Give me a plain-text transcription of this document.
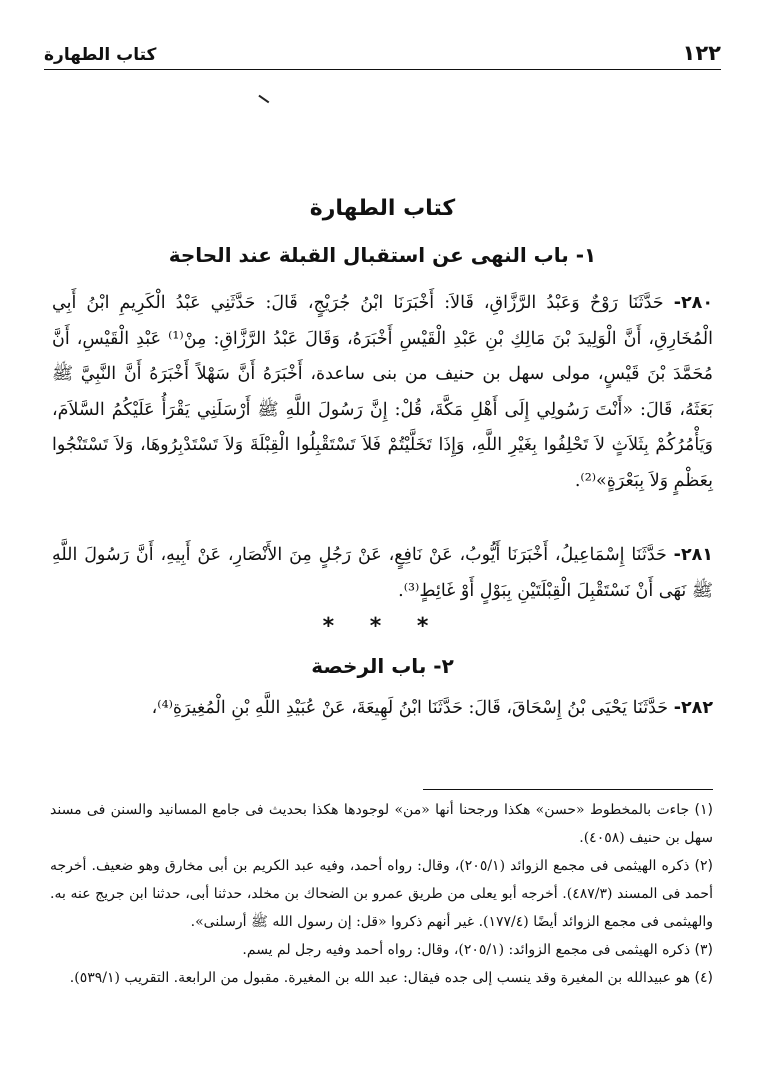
١٢٢
كتاب الطهارة
كتاب الطهارة
١- باب النهى عن استقبال القبلة عند الحاجة
٢٨٠- حَدَّثَنَا رَوْحٌ وَعَبْدُ الرَّزَّاقِ، قَالاَ: أَخْبَرَنَا ابْنُ جُرَيْجٍ، قَالَ: حَدَّثَنِي عَبْدُ الْكَرِيمِ ابْنُ أَبِي الْمُخَارِقِ، أَنَّ الْوَلِيدَ بْنَ مَالِكِ بْنِ عَبْدِ الْقَيْسِ أَخْبَرَهُ، وَقَالَ عَبْدُ الرَّزَّاقِ: مِنْ⁽¹⁾ عَبْدِ الْقَيْسِ، أَنَّ مُحَمَّدَ بْنَ قَيْسٍ، مولى سهل بن حنيف من بنى ساعدة، أَخْبَرَهُ أَنَّ سَهْلاً أَخْبَرَهُ أَنَّ النَّبِيَّ ﷺ بَعَثَهُ، قَالَ: «أَنْتَ رَسُولِي إِلَى أَهْلِ مَكَّةَ، قُلْ: إِنَّ رَسُولَ اللَّهِ ﷺ أَرْسَلَنِي يَقْرَأُ عَلَيْكُمُ السَّلاَمَ، وَيَأْمُرُكُمْ بِثَلاَثٍ لاَ تَحْلِفُوا بِغَيْرِ اللَّهِ، وَإِذَا تَخَلَّيْتُمْ فَلاَ تَسْتَقْبِلُوا الْقِبْلَةَ وَلاَ تَسْتَدْبِرُوهَا، وَلاَ تَسْتَنْجُوا بِعَظْمٍ وَلاَ بِبَعْرَةٍ»⁽²⁾.
٢٨١- حَدَّثَنَا إِسْمَاعِيلُ، أَخْبَرَنَا أَيُّوبُ، عَنْ نَافِعٍ، عَنْ رَجُلٍ مِنَ الأَنْصَارِ، عَنْ أَبِيهِ، أَنَّ رَسُولَ اللَّهِ ﷺ نَهَى أَنْ نَسْتَقْبِلَ الْقِبْلَتَيْنِ بِبَوْلٍ أَوْ غَائِطٍ⁽³⁾.
* * *
٢- باب الرخصة
٢٨٢- حَدَّثَنَا يَحْيَى بْنُ إِسْحَاقَ، قَالَ: حَدَّثَنَا ابْنُ لَهِيعَةَ، عَنْ عُبَيْدِ اللَّهِ بْنِ الْمُغِيرَةِ⁽⁴⁾،

(١) جاءت بالمخطوط «حسن» هكذا ورجحنا أنها «من» لوجودها هكذا بحديث فى جامع المسانيد والسنن فى مسند سهل بن حنيف (٤٠٥٨).

(٢) ذكره الهيثمى فى مجمع الزوائد (٢٠٥/١)، وقال: رواه أحمد، وفيه عبد الكريم بن أبى مخارق وهو ضعيف. أخرجه أحمد فى المسند (٤٨٧/٣). أخرجه أبو يعلى من طريق عمرو بن الضحاك بن مخلد، حدثنا أبى، حدثنا ابن جريج عنه به. والهيثمى فى مجمع الزوائد أيضًا (١٧٧/٤). غير أنهم ذكروا «قل: إن رسول الله ﷺ أرسلنى».

(٣) ذكره الهيثمى فى مجمع الزوائد: (٢٠٥/١)، وقال: رواه أحمد وفيه رجل لم يسم.

(٤) هو عبيدالله بن المغيرة وقد ينسب إلى جده فيقال: عبد الله بن المغيرة. مقبول من الرابعة. التقريب (٥٣٩/١).
